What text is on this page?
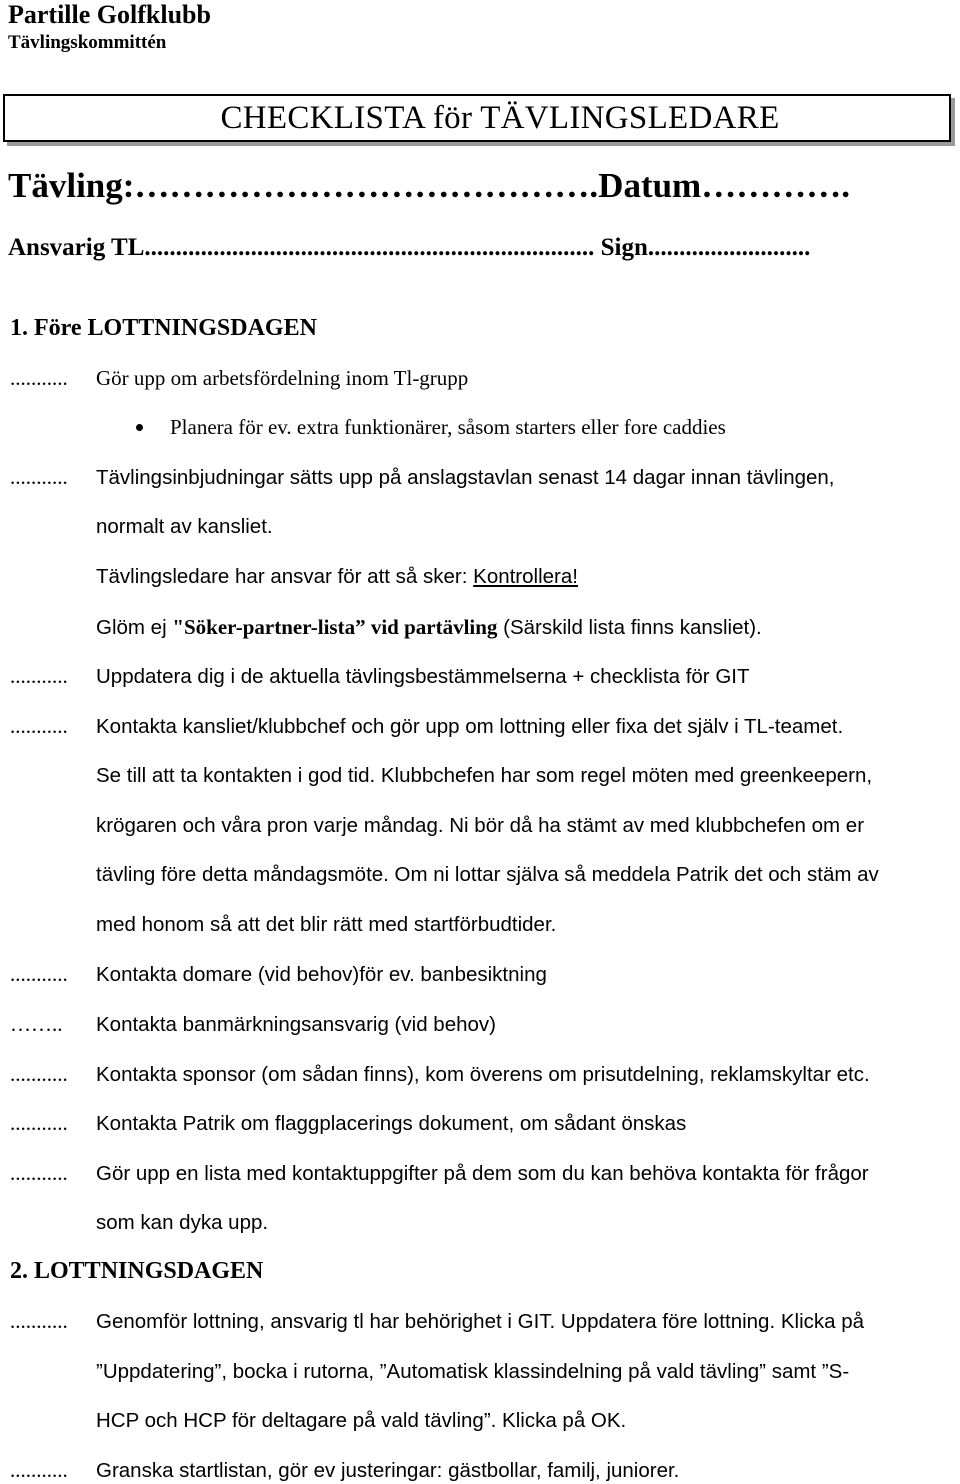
Partille Golfklubb
Tävlingskommittén
CHECKLISTA för TÄVLINGSLEDARE
Tävling:………………………………….Datum………….
Ansvarig TL........................................................................ Sign..........................
1. Före LOTTNINGSDAGEN
........... Gör upp om arbetsfördelning inom Tl-grupp
Planera för ev. extra funktionärer, såsom starters eller fore caddies
........... Tävlingsinbjudningar sätts upp på anslagstavlan senast 14 dagar innan tävlingen,
normalt av kansliet.
Tävlingsledare har ansvar för att så sker: Kontrollera!
Glöm ej "Söker-partner-lista” vid partävling (Särskild lista finns kansliet).
........... Uppdatera dig i de aktuella tävlingsbestämmelserna + checklista för GIT
........... Kontakta kansliet/klubbchef och gör upp om lottning eller fixa det själv i TL-teamet.
Se till att ta kontakten i god tid. Klubbchefen har som regel möten med greenkeepern,
krögaren och våra pron varje måndag. Ni bör då ha stämt av med klubbchefen om er
tävling före detta måndagsmöte. Om ni lottar själva så meddela Patrik det och stäm av
med honom så att det blir rätt med startförbudtider.
........... Kontakta domare (vid behov)för ev. banbesiktning
…….. Kontakta banmärkningsansvarig (vid behov)
........... Kontakta sponsor (om sådan finns), kom överens om prisutdelning, reklamskyltar etc.
........... Kontakta Patrik om flaggplacerings dokument, om sådant önskas
........... Gör upp en lista med kontaktuppgifter på dem som du kan behöva kontakta för frågor
som kan dyka upp.
2. LOTTNINGSDAGEN
........... Genomför lottning, ansvarig tl har behörighet i GIT. Uppdatera före lottning. Klicka på
”Uppdatering”, bocka i rutorna, ”Automatisk klassindelning på vald tävling” samt ”S-
HCP och HCP för deltagare på vald tävling”. Klicka på OK.
........... Granska startlistan, gör ev justeringar: gästbollar, familj, juniorer.
